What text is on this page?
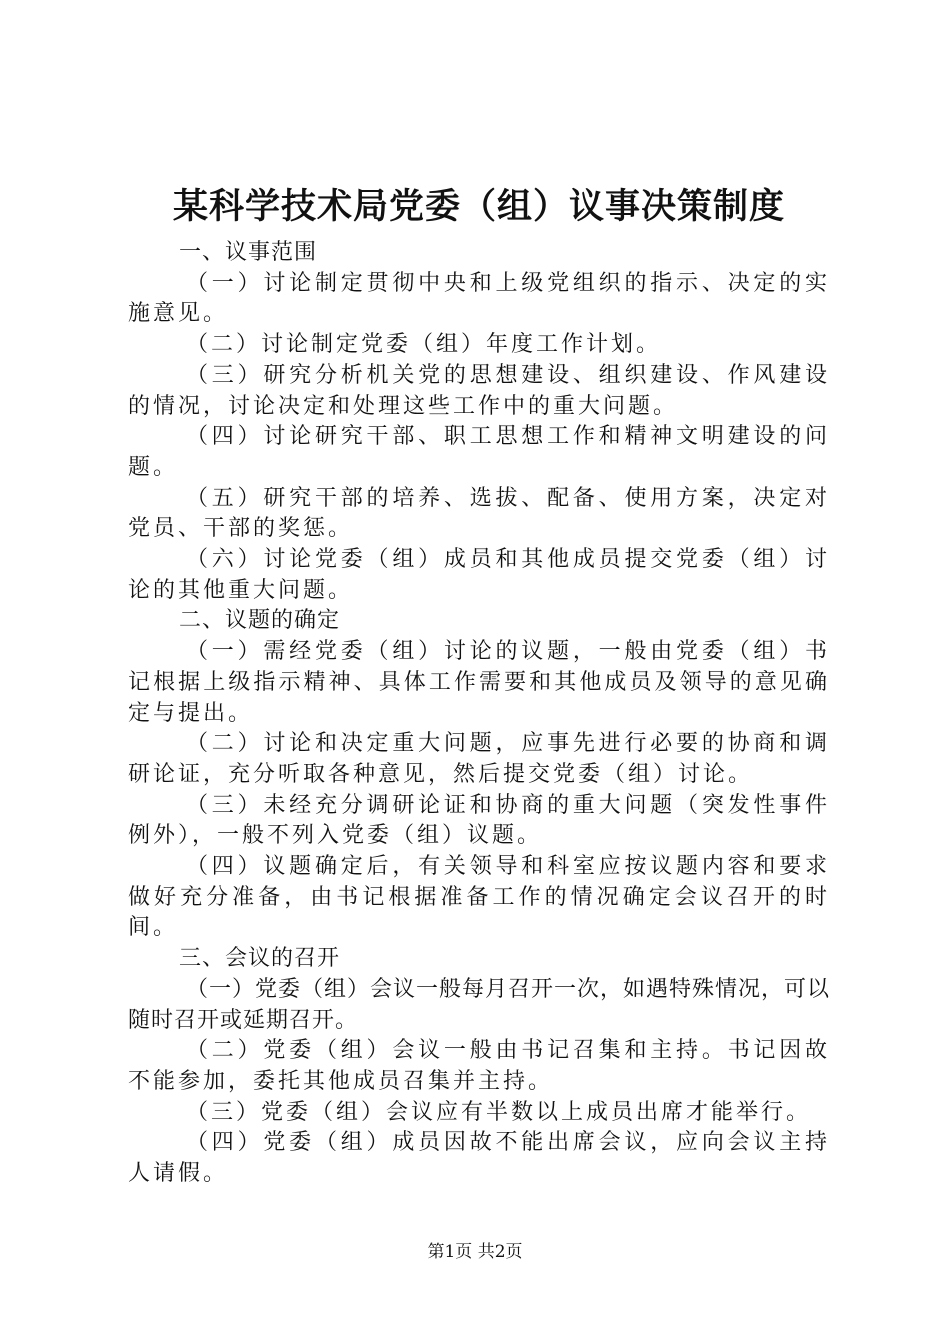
某科学技术局党委（组）议事决策制度
一、议事范围
（一）讨论制定贯彻中央和上级党组织的指示、决定的实施意见。
（二）讨论制定党委（组）年度工作计划。
（三）研究分析机关党的思想建设、组织建设、作风建设的情况，讨论决定和处理这些工作中的重大问题。
（四）讨论研究干部、职工思想工作和精神文明建设的问题。
（五）研究干部的培养、选拔、配备、使用方案，决定对党员、干部的奖惩。
（六）讨论党委（组）成员和其他成员提交党委（组）讨论的其他重大问题。
二、议题的确定
（一）需经党委（组）讨论的议题，一般由党委（组）书记根据上级指示精神、具体工作需要和其他成员及领导的意见确定与提出。
（二）讨论和决定重大问题，应事先进行必要的协商和调研论证，充分听取各种意见，然后提交党委（组）讨论。
（三）未经充分调研论证和协商的重大问题（突发性事件例外），一般不列入党委（组）议题。
（四）议题确定后，有关领导和科室应按议题内容和要求做好充分准备，由书记根据准备工作的情况确定会议召开的时间。
三、会议的召开
（一）党委（组）会议一般每月召开一次，如遇特殊情况，可以随时召开或延期召开。
（二）党委（组）会议一般由书记召集和主持。书记因故不能参加，委托其他成员召集并主持。
（三）党委（组）会议应有半数以上成员出席才能举行。
（四）党委（组）成员因故不能出席会议，应向会议主持人请假。
第1页 共2页
